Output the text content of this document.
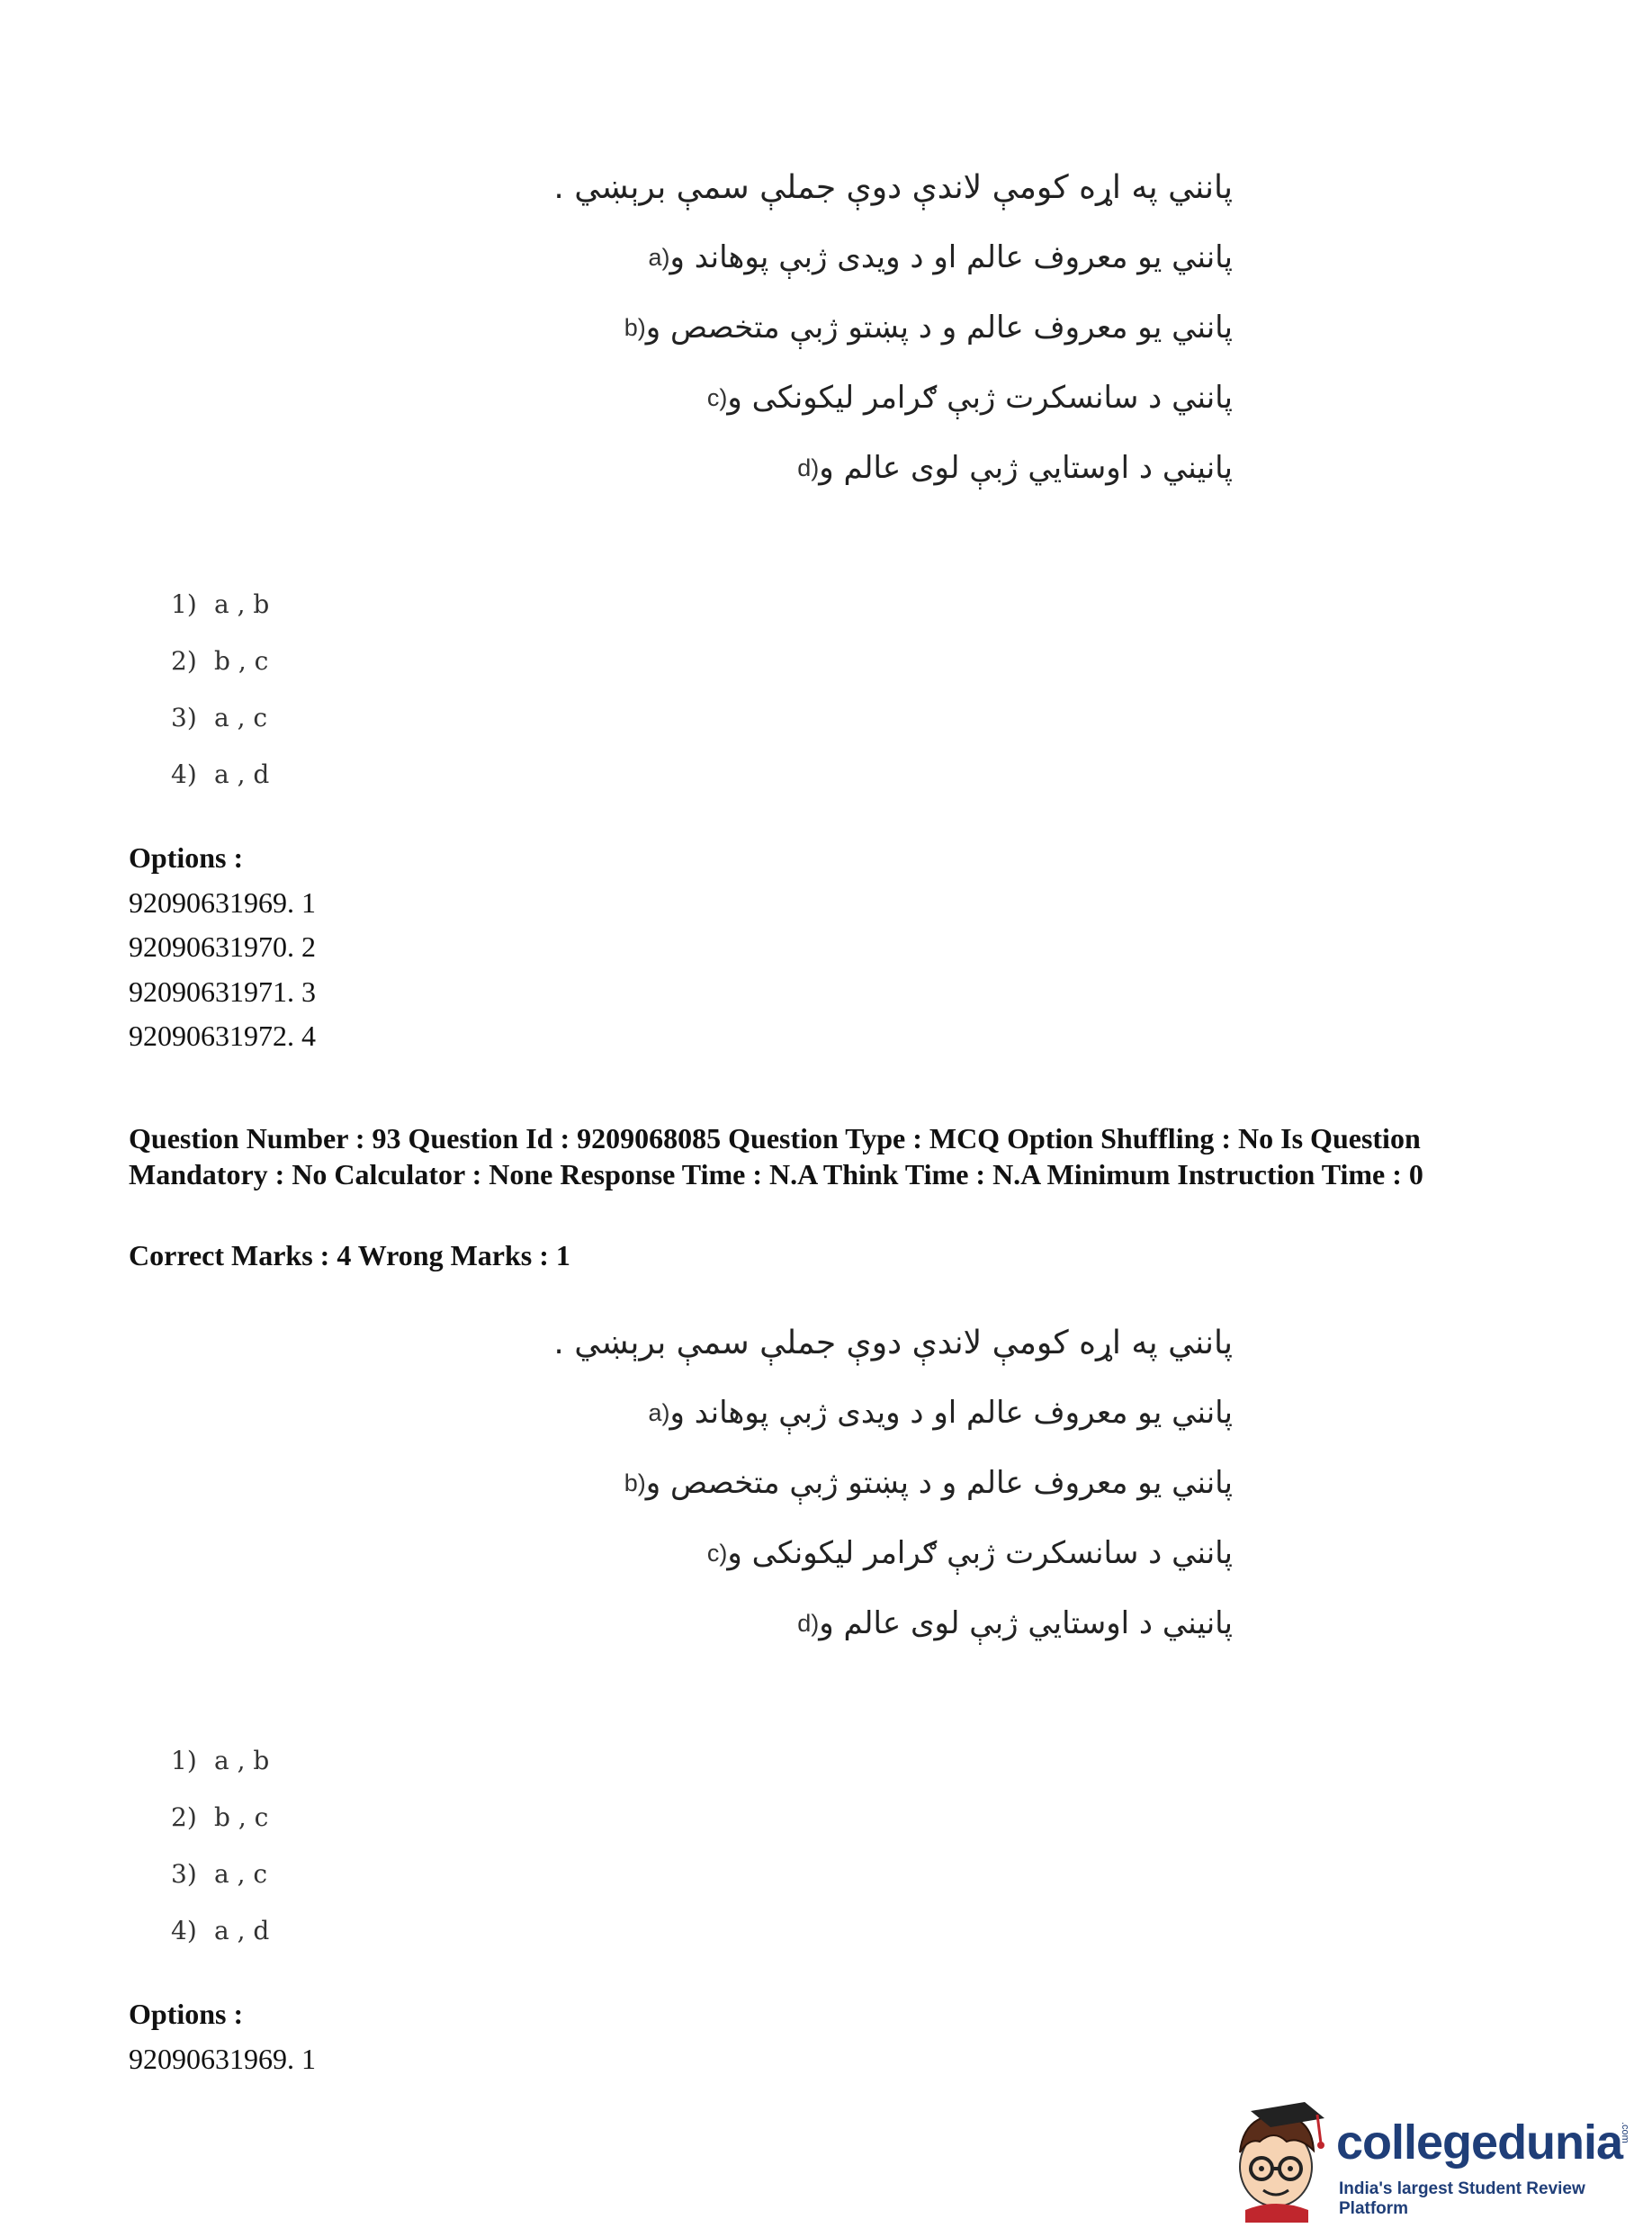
پانني په اړه کومې لاندې دوې جملې سمې برېښي .
پانني يو معروف عالم او د ويدی ژبې پوهاند و
a)
پانني يو معروف عالم و د پښتو ژبې متخصص و
b)
پانني د سانسکرت ژبې ګرامر ليکونکی و
c)
پانيني د اوستايي ژبې لوی عالم و
d)
1) a , b
2) b , c
3) a , c
4) a , d
Options :
92090631969. 1
92090631970. 2
92090631971. 3
92090631972. 4
Question Number : 93 Question Id : 9209068085 Question Type : MCQ Option Shuffling : No Is Question Mandatory : No Calculator : None Response Time : N.A Think Time : N.A Minimum Instruction Time : 0
Correct Marks : 4 Wrong Marks : 1
پانني په اړه کومې لاندې دوې جملې سمې برېښي .
پانني يو معروف عالم او د ويدی ژبې پوهاند و
a)
پانني يو معروف عالم و د پښتو ژبې متخصص و
b)
پانني د سانسکرت ژبې ګرامر ليکونکی و
c)
پانيني د اوستايي ژبې لوی عالم و
d)
1) a , b
2) b , c
3) a , c
4) a , d
Options :
92090631969. 1
collegedunia
.com
India's largest Student Review Platform
